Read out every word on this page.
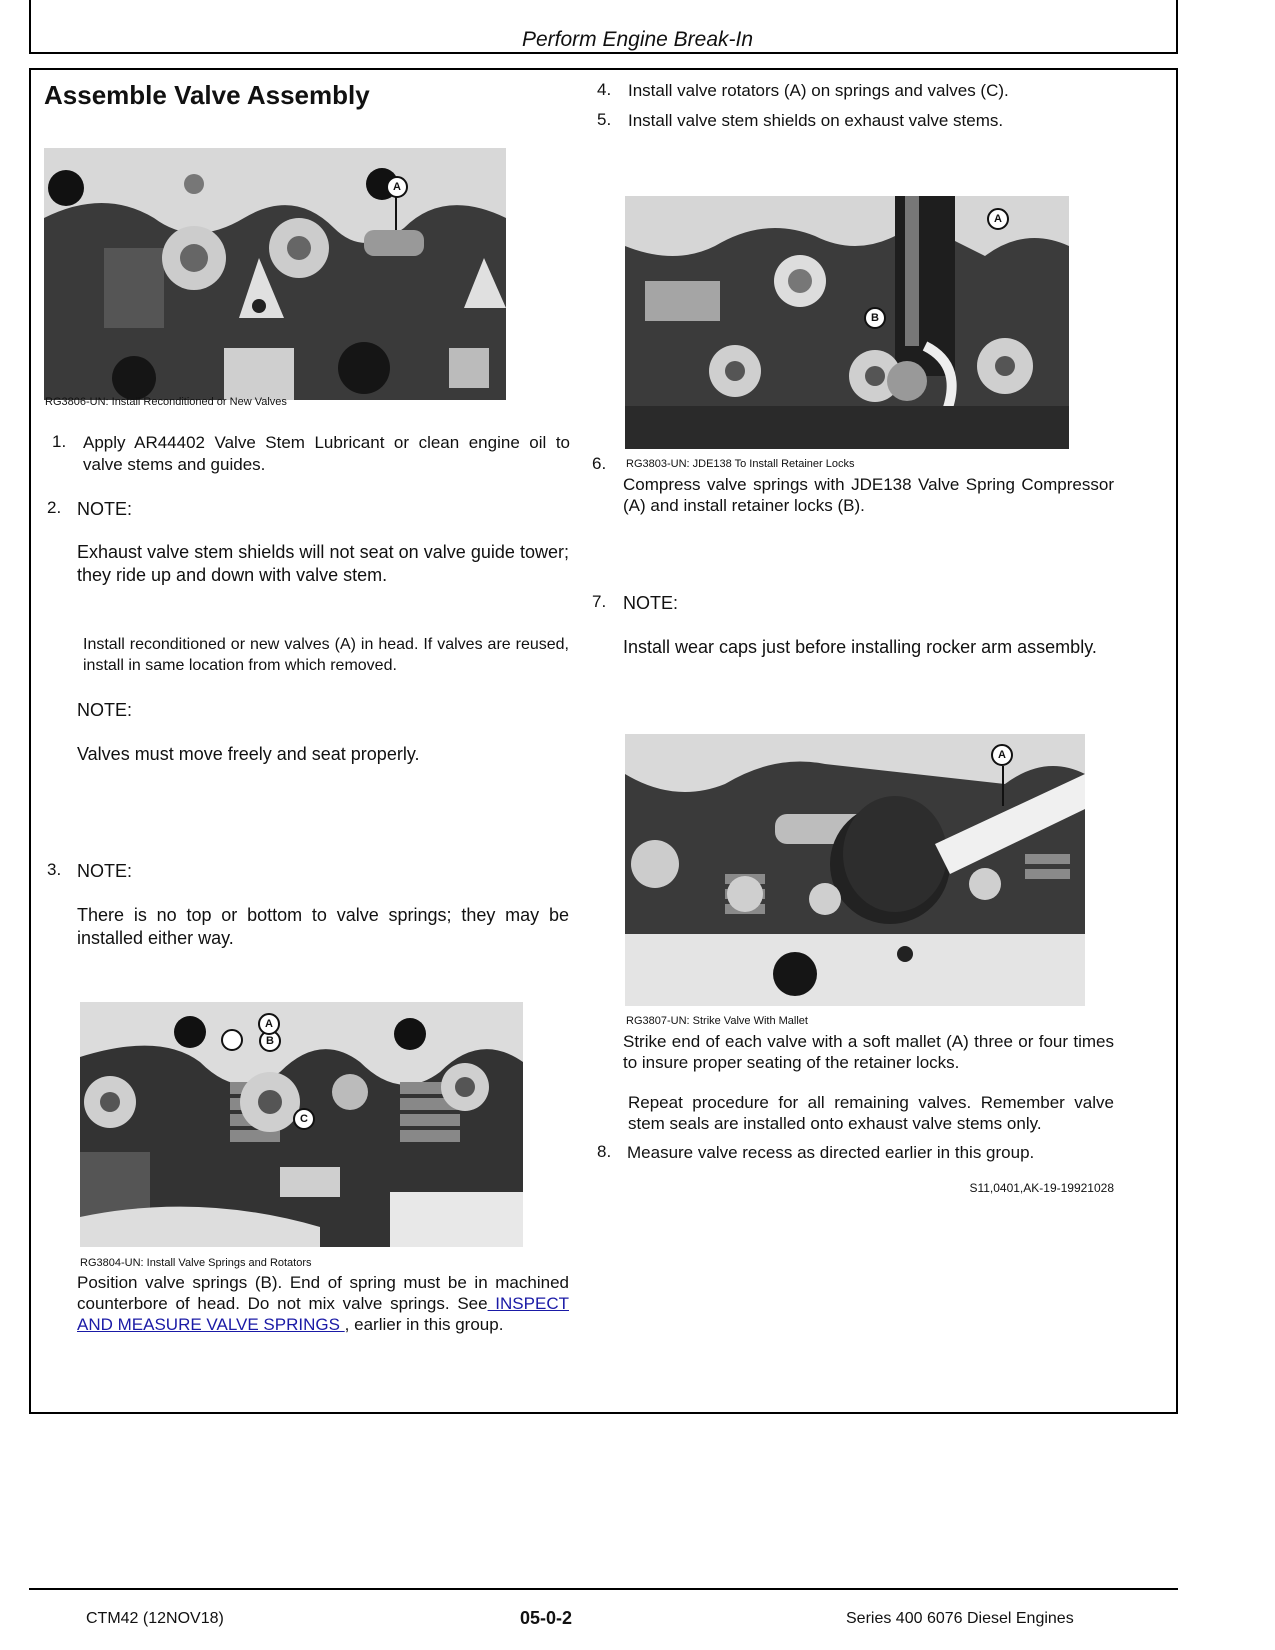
Perform Engine Break-In
Assemble Valve Assembly
A
RG3806-UN: Install Reconditioned or New Valves
1. Apply AR44402 Valve Stem Lubricant or clean engine oil to valve stems and guides.
2. NOTE:
Exhaust valve stem shields will not seat on valve guide tower; they ride up and down with valve stem.
Install reconditioned or new valves (A) in head. If valves are reused, install in same location from which removed.
NOTE:
Valves must move freely and seat properly.
3. NOTE:
There is no top or bottom to valve springs; they may be installed either way.
B
A
C
RG3804-UN: Install Valve Springs and Rotators
Position valve springs (B). End of spring must be in machined counterbore of head. Do not mix valve springs. See INSPECT AND MEASURE VALVE SPRINGS , earlier in this group.
4. Install valve rotators (A) on springs and valves (C).
5. Install valve stem shields on exhaust valve stems.
A
B
6. RG3803-UN: JDE138 To Install Retainer Locks
Compress valve springs with JDE138 Valve Spring Compressor (A) and install retainer locks (B).
7. NOTE:
Install wear caps just before installing rocker arm assembly.
A
RG3807-UN: Strike Valve With Mallet
Strike end of each valve with a soft mallet (A) three or four times to insure proper seating of the retainer locks.
Repeat procedure for all remaining valves. Remember valve stem seals are installed onto exhaust valve stems only.
8. Measure valve recess as directed earlier in this group.
S11,0401,AK-19-19921028
CTM42 (12NOV18)	05-0-2	Series 400 6076 Diesel Engines
